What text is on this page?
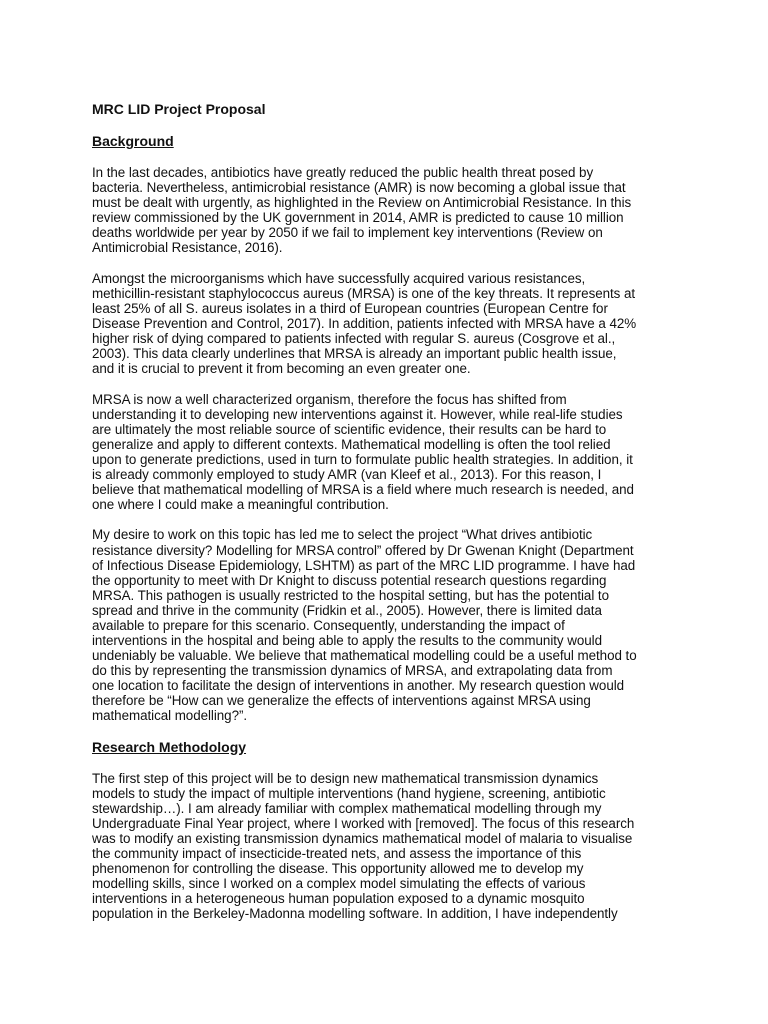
MRC LID Project Proposal
Background
In the last decades, antibiotics have greatly reduced the public health threat posed by
bacteria. Nevertheless, antimicrobial resistance (AMR) is now becoming a global issue that
must be dealt with urgently, as highlighted in the Review on Antimicrobial Resistance. In this
review commissioned by the UK government in 2014, AMR is predicted to cause 10 million
deaths worldwide per year by 2050 if we fail to implement key interventions (Review on
Antimicrobial Resistance, 2016).
Amongst the microorganisms which have successfully acquired various resistances,
methicillin-resistant staphylococcus aureus (MRSA) is one of the key threats. It represents at
least 25% of all S. aureus isolates in a third of European countries (European Centre for
Disease Prevention and Control, 2017). In addition, patients infected with MRSA have a 42%
higher risk of dying compared to patients infected with regular S. aureus (Cosgrove et al.,
2003). This data clearly underlines that MRSA is already an important public health issue,
and it is crucial to prevent it from becoming an even greater one.
MRSA is now a well characterized organism, therefore the focus has shifted from
understanding it to developing new interventions against it. However, while real-life studies
are ultimately the most reliable source of scientific evidence, their results can be hard to
generalize and apply to different contexts. Mathematical modelling is often the tool relied
upon to generate predictions, used in turn to formulate public health strategies. In addition, it
is already commonly employed to study AMR (van Kleef et al., 2013). For this reason, I
believe that mathematical modelling of MRSA is a field where much research is needed, and
one where I could make a meaningful contribution.
My desire to work on this topic has led me to select the project “What drives antibiotic
resistance diversity? Modelling for MRSA control” offered by Dr Gwenan Knight (Department
of Infectious Disease Epidemiology, LSHTM) as part of the MRC LID programme. I have had
the opportunity to meet with Dr Knight to discuss potential research questions regarding
MRSA. This pathogen is usually restricted to the hospital setting, but has the potential to
spread and thrive in the community (Fridkin et al., 2005). However, there is limited data
available to prepare for this scenario. Consequently, understanding the impact of
interventions in the hospital and being able to apply the results to the community would
undeniably be valuable. We believe that mathematical modelling could be a useful method to
do this by representing the transmission dynamics of MRSA, and extrapolating data from
one location to facilitate the design of interventions in another. My research question would
therefore be “How can we generalize the effects of interventions against MRSA using
mathematical modelling?”.
Research Methodology
The first step of this project will be to design new mathematical transmission dynamics
models to study the impact of multiple interventions (hand hygiene, screening, antibiotic
stewardship…). I am already familiar with complex mathematical modelling through my
Undergraduate Final Year project, where I worked with [removed]. The focus of this research
was to modify an existing transmission dynamics mathematical model of malaria to visualise
the community impact of insecticide-treated nets, and assess the importance of this
phenomenon for controlling the disease. This opportunity allowed me to develop my
modelling skills, since I worked on a complex model simulating the effects of various
interventions in a heterogeneous human population exposed to a dynamic mosquito
population in the Berkeley-Madonna modelling software. In addition, I have independently
